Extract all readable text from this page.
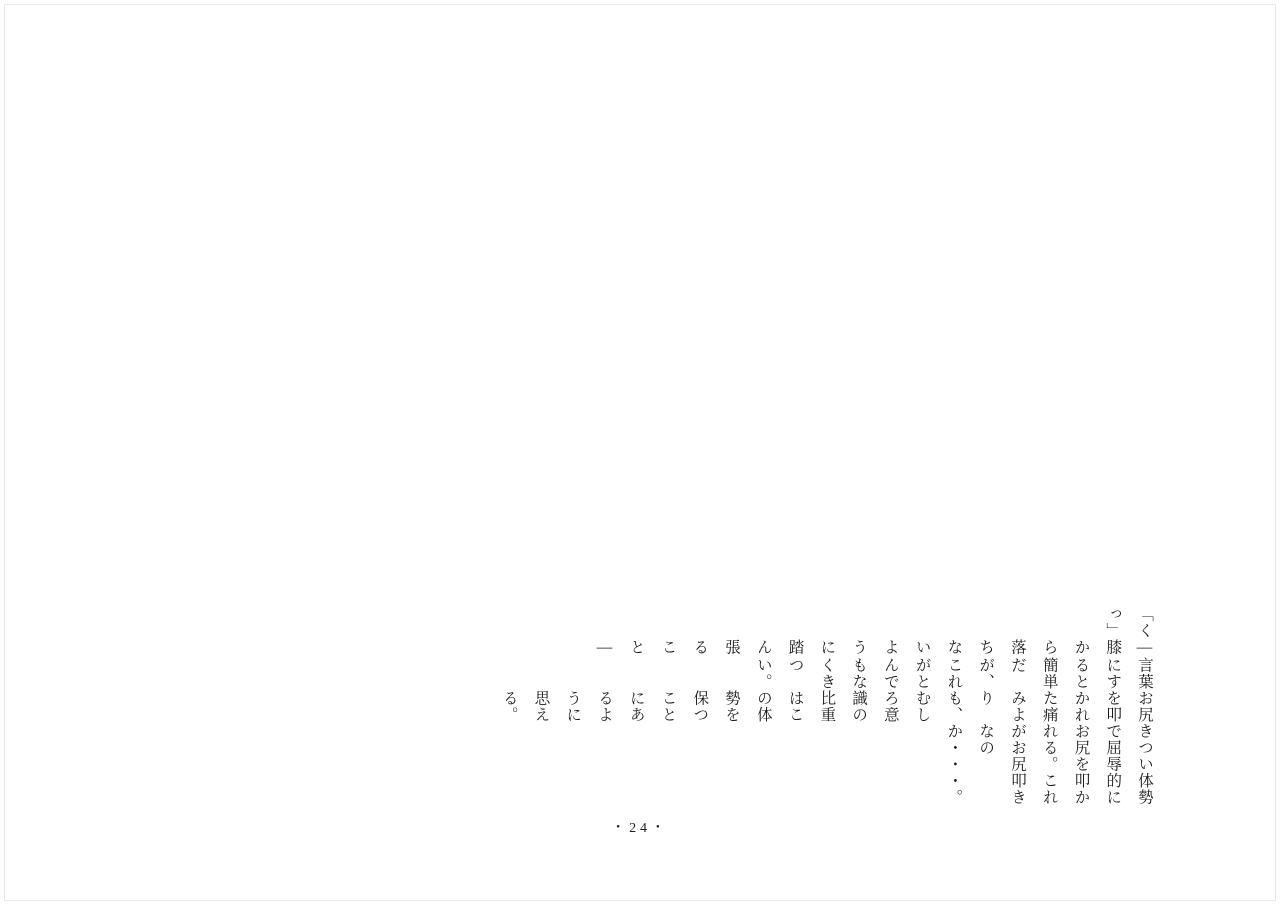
きつい体勢で屈辱的にお尻を叩かれる。これがお尻叩きなのか・・・。

お尻を叩かれた痛みよりも、むしろ意識の比重はこの体勢を保つことにあるように思える。

言葉にすると簡単だが、これがとんでもなくきつい。

―膝から落ちないように踏ん張ること―

「くっ」

・24・
